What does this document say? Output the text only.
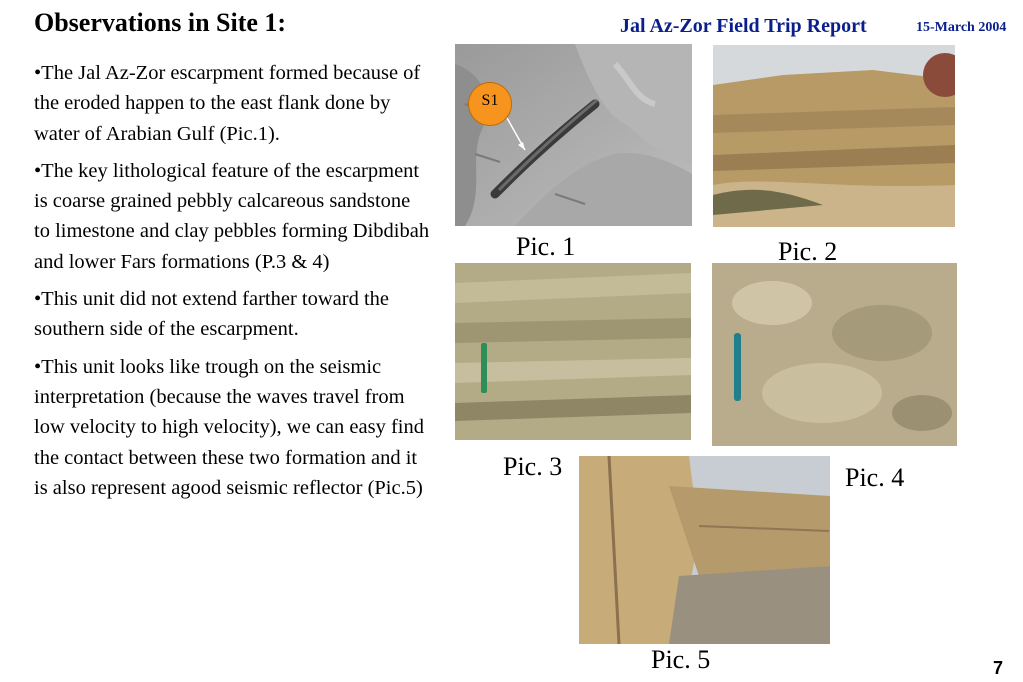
Observations in Site 1:	Jal Az-Zor Field Trip Report	15-March 2004

•The Jal Az-Zor escarpment formed because of the eroded happen to the east flank done by water of Arabian Gulf (Pic.1).

•The key lithological feature of the escarpment is coarse grained pebbly calcareous sandstone to limestone and clay pebbles forming Dibdibah and lower Fars formations (P.3 & 4)

•This unit did not extend farther toward the southern side of the escarpment.

•This unit looks like trough on the seismic interpretation (because the waves travel from low velocity to high velocity), we can easy find the contact between these two formation and it is also represent agood seismic reflector (Pic.5)

S1
Pic. 1	Pic. 2
Pic. 3	Pic. 4
Pic. 5	7
